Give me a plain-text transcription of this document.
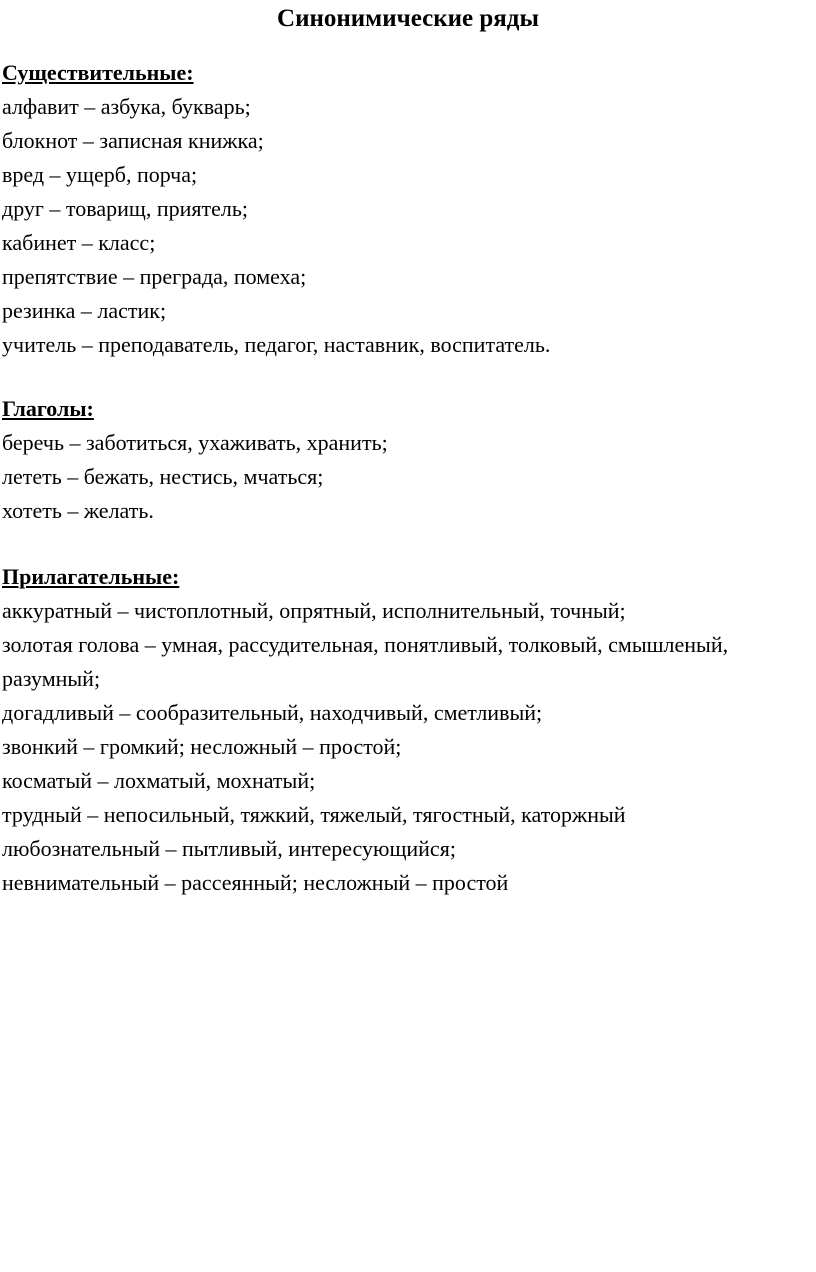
Синонимические ряды
Существительные:
алфавит – азбука, букварь;
блокнот – записная книжка;
вред – ущерб, порча;
друг – товарищ, приятель;
кабинет – класс;
препятствие – преграда, помеха;
резинка – ластик;
учитель – преподаватель, педагог, наставник, воспитатель.
Глаголы:
беречь – заботиться, ухаживать, хранить;
лететь – бежать, нестись, мчаться;
хотеть – желать.
Прилагательные:
аккуратный – чистоплотный, опрятный, исполнительный, точный;
золотая голова – умная, рассудительная, понятливый, толковый, смышленый,
разумный;
догадливый – сообразительный, находчивый, сметливый;
звонкий – громкий; несложный – простой;
косматый – лохматый, мохнатый;
трудный – непосильный, тяжкий, тяжелый, тягостный, каторжный
любознательный – пытливый, интересующийся;
невнимательный – рассеянный; несложный – простой
